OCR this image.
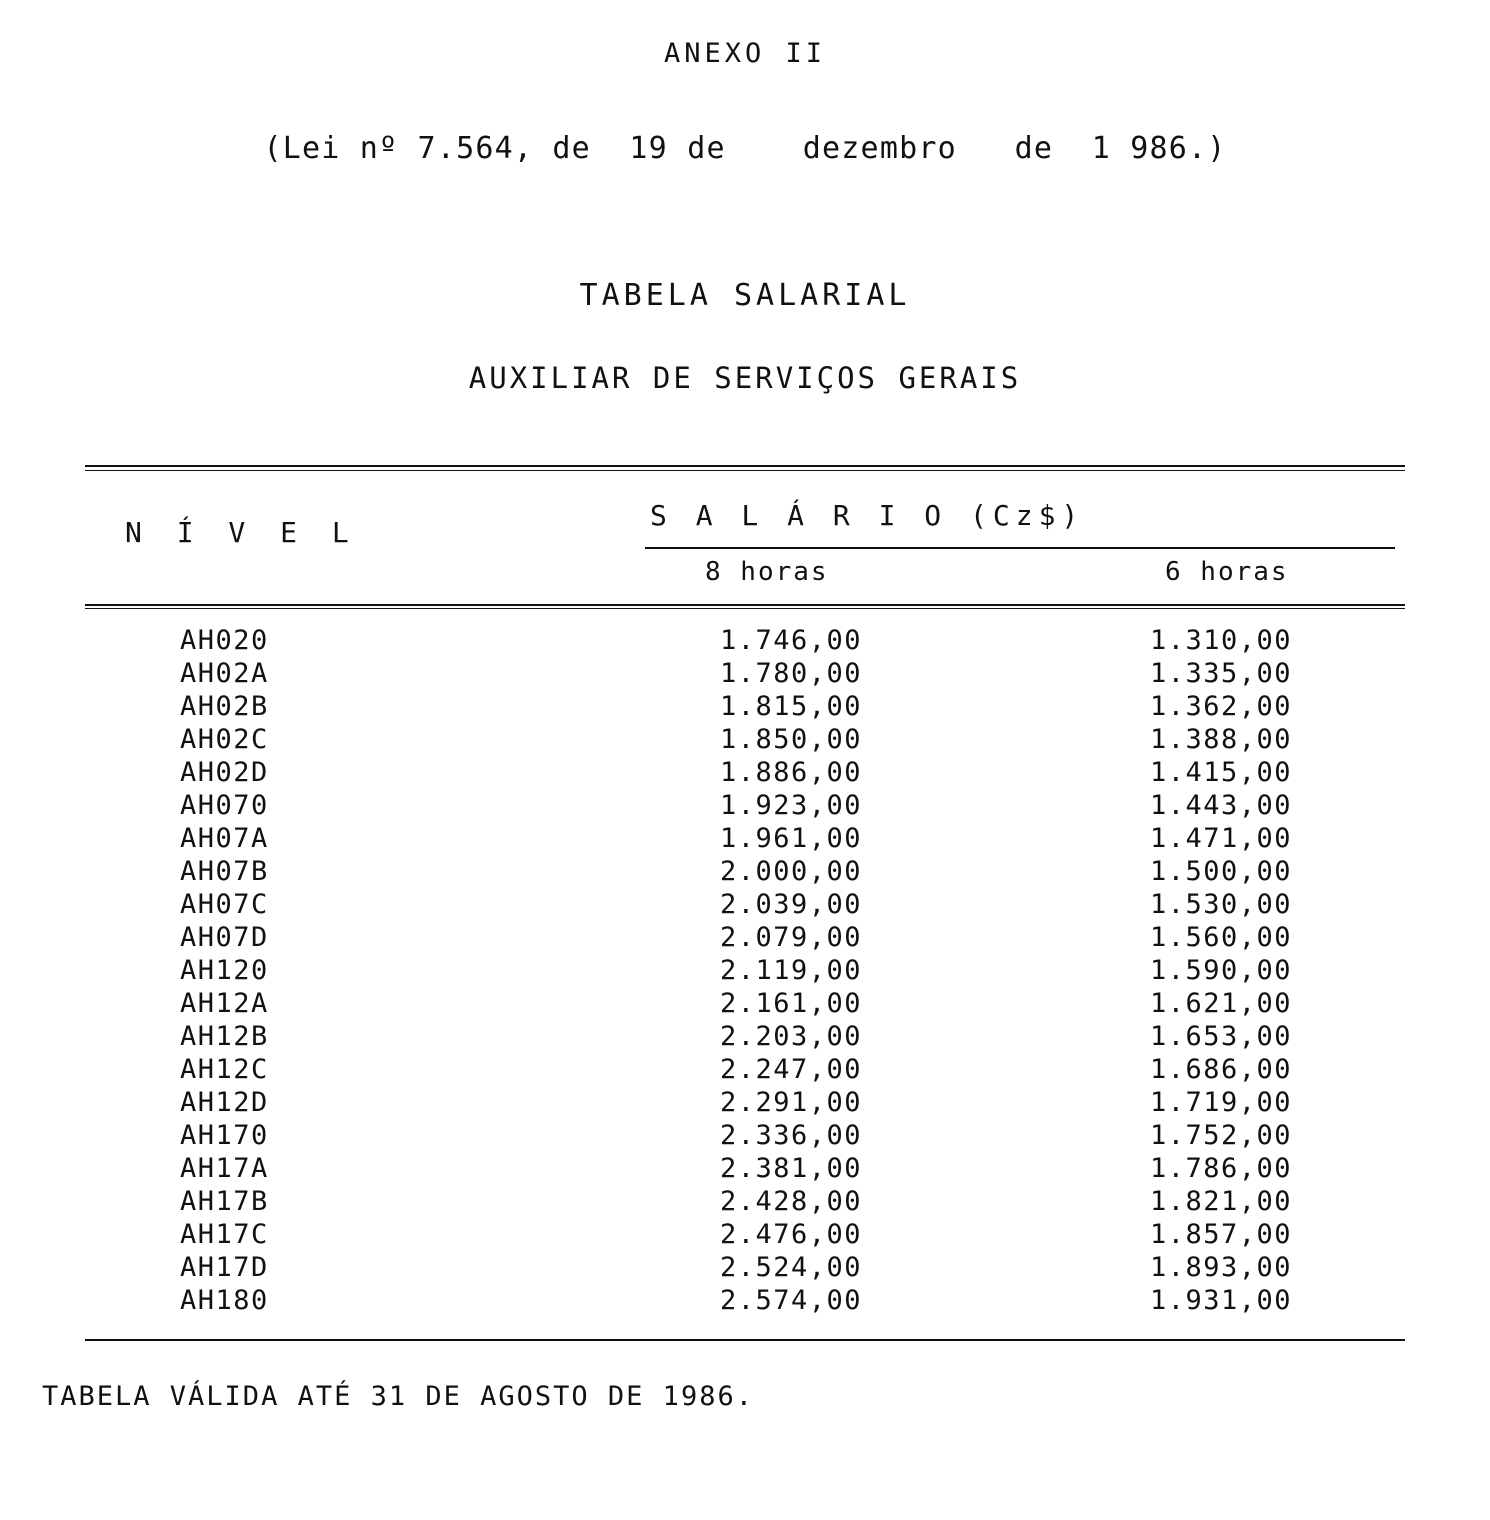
ANEXO II
(Lei nº 7.564, de  19 de    dezembro   de  1 986.)
TABELA SALARIAL
AUXILIAR DE SERVIÇOS GERAIS
N Í V E L
S A L Á R I O (Cz$)
8 horas	6 horas
AH020	1.746,00	1.310,00
AH02A	1.780,00	1.335,00
AH02B	1.815,00	1.362,00
AH02C	1.850,00	1.388,00
AH02D	1.886,00	1.415,00
AH070	1.923,00	1.443,00
AH07A	1.961,00	1.471,00
AH07B	2.000,00	1.500,00
AH07C	2.039,00	1.530,00
AH07D	2.079,00	1.560,00
AH120	2.119,00	1.590,00
AH12A	2.161,00	1.621,00
AH12B	2.203,00	1.653,00
AH12C	2.247,00	1.686,00
AH12D	2.291,00	1.719,00
AH170	2.336,00	1.752,00
AH17A	2.381,00	1.786,00
AH17B	2.428,00	1.821,00
AH17C	2.476,00	1.857,00
AH17D	2.524,00	1.893,00
AH180	2.574,00	1.931,00
TABELA VÁLIDA ATÉ 31 DE AGOSTO DE 1986.
